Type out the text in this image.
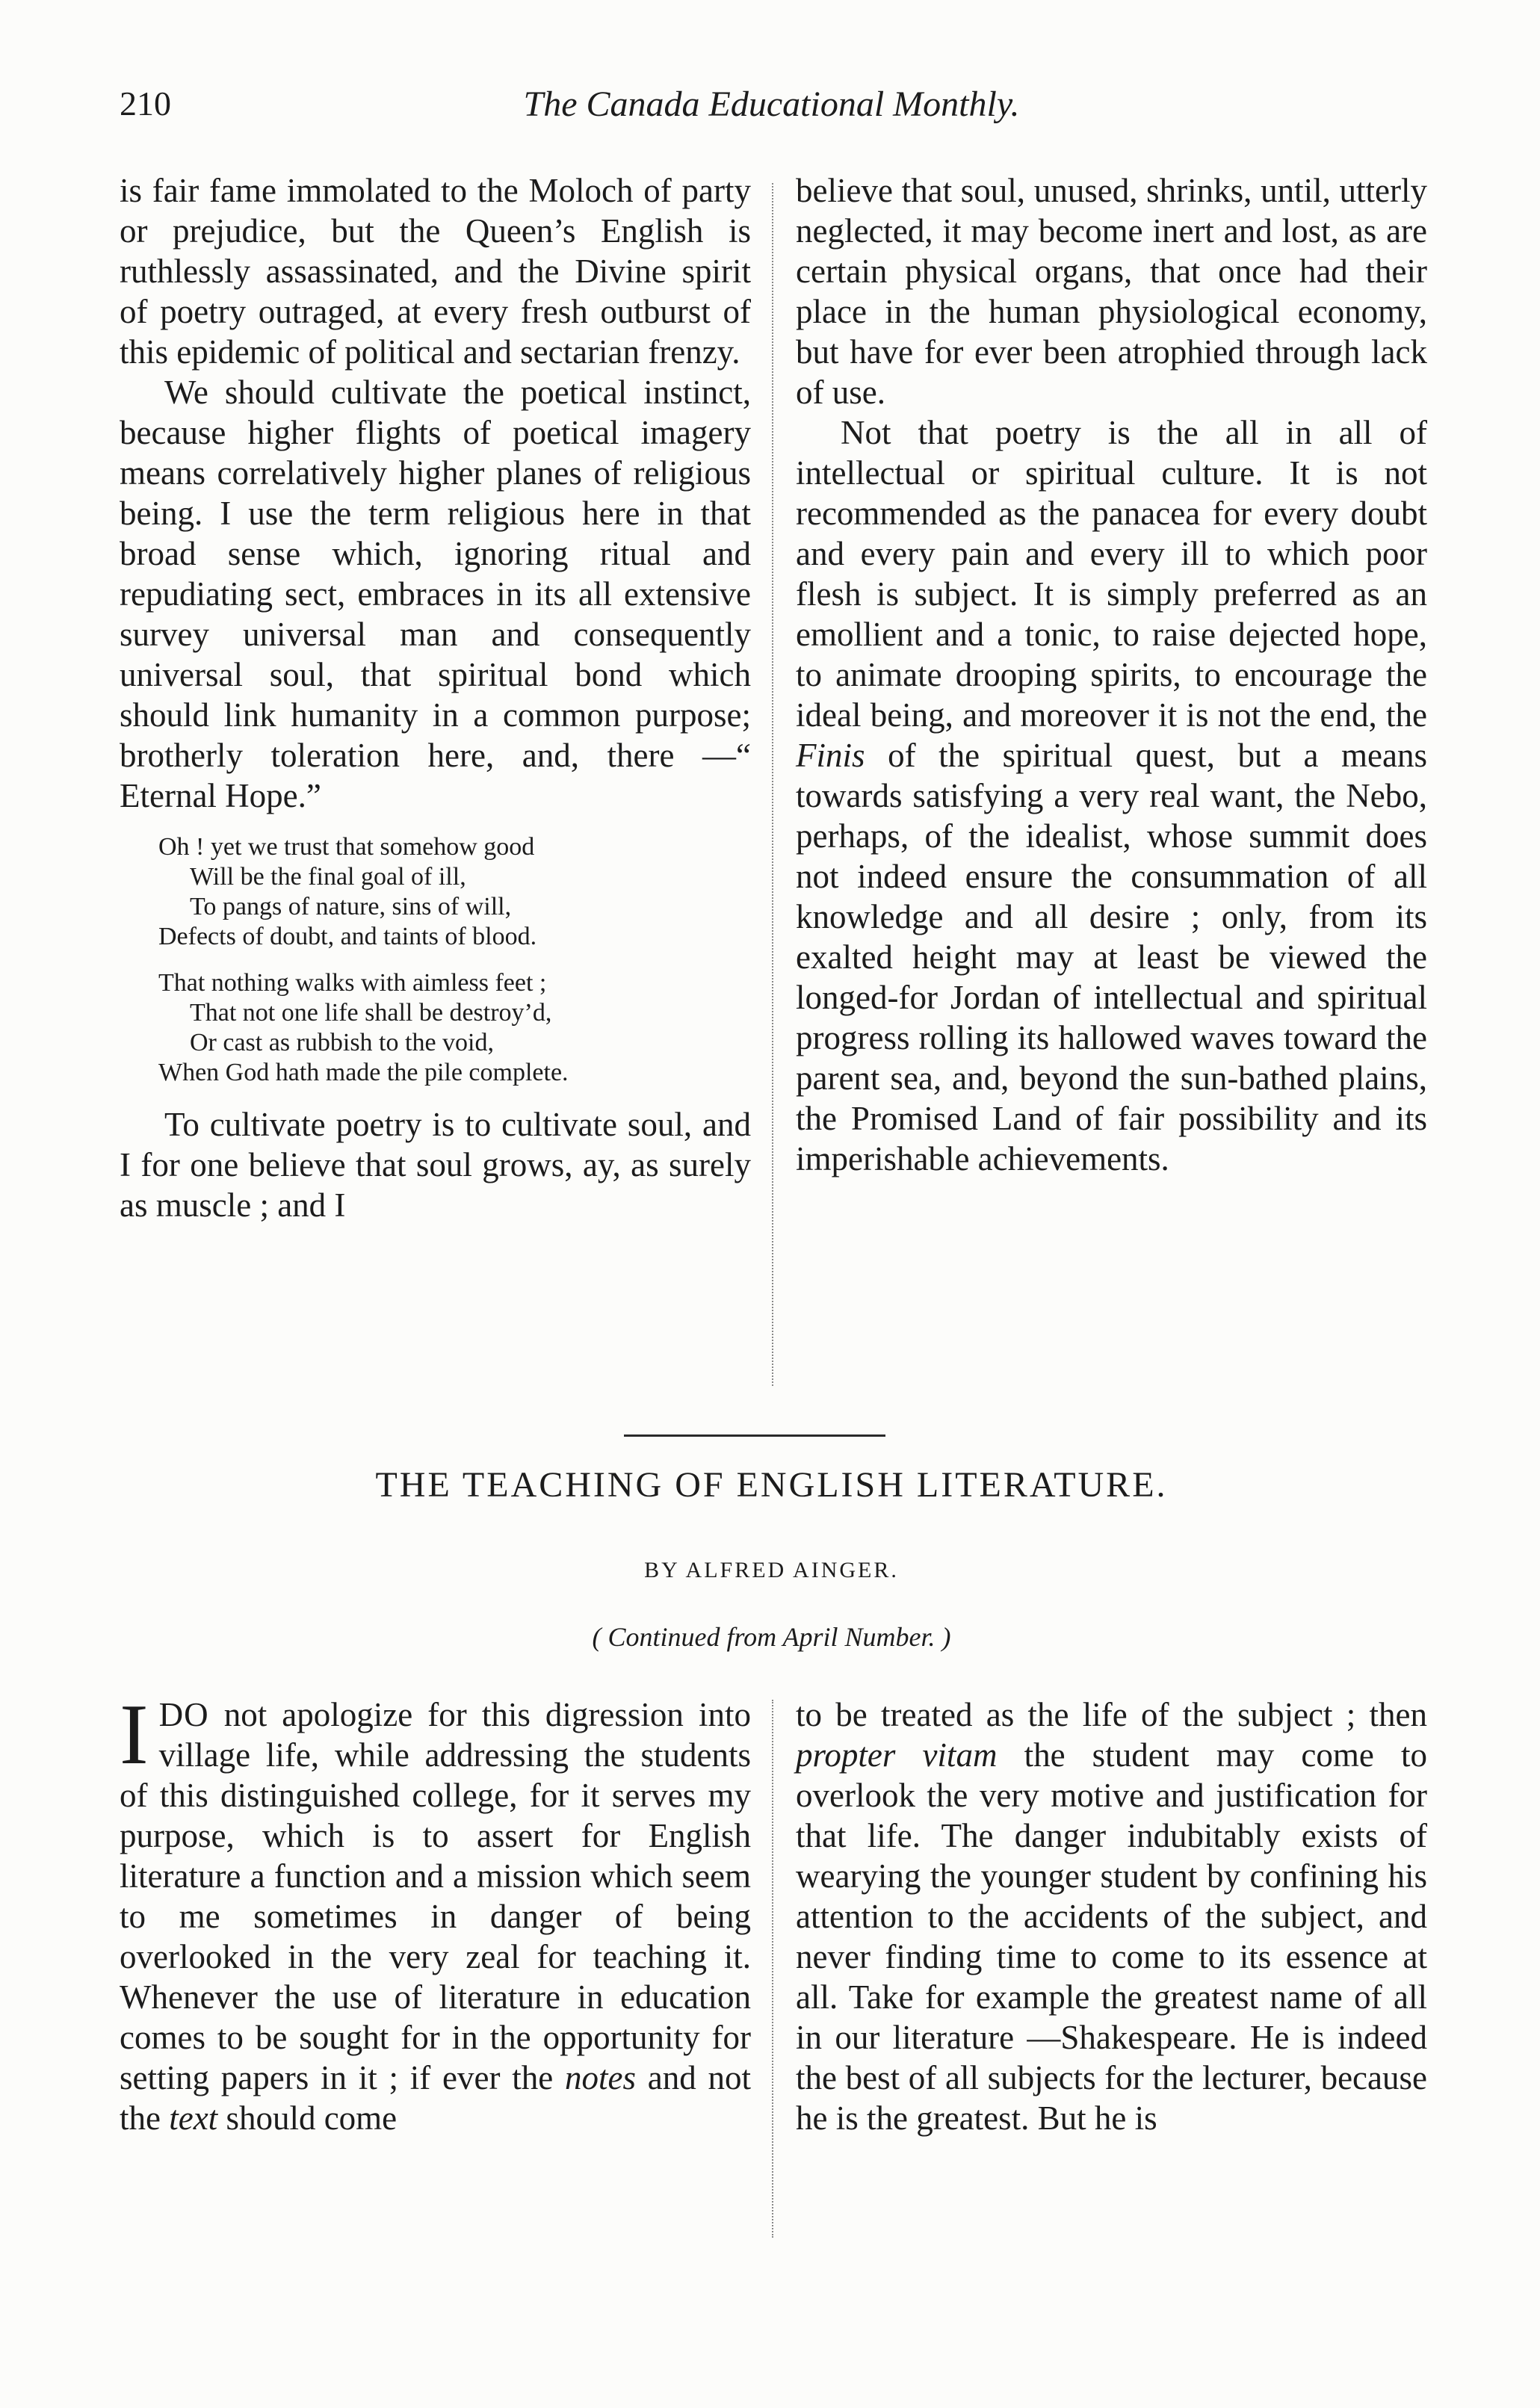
210	The Canada Educational Monthly.

is fair fame immolated to the Moloch of party or prejudice, but the Queen’s English is ruthlessly assassinated, and the Divine spirit of poetry outraged, at every fresh outburst of this epidemic of political and sectarian frenzy.

We should cultivate the poetical instinct, because higher flights of poetical imagery means correlatively higher planes of religious being. I use the term religious here in that broad sense which, ignoring ritual and repudiating sect, embraces in its all extensive survey universal man and consequently universal soul, that spiritual bond which should link humanity in a common purpose; brotherly toleration here, and, there —“ Eternal Hope.”

Oh ! yet we trust that somehow good
Will be the final goal of ill,
To pangs of nature, sins of will,
Defects of doubt, and taints of blood.
That nothing walks with aimless feet ;
That not one life shall be destroy’d,
Or cast as rubbish to the void,
When God hath made the pile complete.

To cultivate poetry is to cultivate soul, and I for one believe that soul grows, ay, as surely as muscle ; and I

believe that soul, unused, shrinks, until, utterly neglected, it may become inert and lost, as are certain physical organs, that once had their place in the human physiological economy, but have for ever been atrophied through lack of use.

Not that poetry is the all in all of intellectual or spiritual culture. It is not recommended as the panacea for every doubt and every pain and every ill to which poor flesh is subject. It is simply preferred as an emollient and a tonic, to raise dejected hope, to animate drooping spirits, to encourage the ideal being, and moreover it is not the end, the Finis of the spiritual quest, but a means towards satisfying a very real want, the Nebo, perhaps, of the idealist, whose summit does not indeed ensure the consummation of all knowledge and all desire ; only, from its exalted height may at least be viewed the longed-for Jordan of intellectual and spiritual progress rolling its hallowed waves toward the parent sea, and, beyond the sun-bathed plains, the Promised Land of fair possibility and its imperishable achievements.

THE TEACHING OF ENGLISH LITERATURE.
BY ALFRED AINGER.
( Continued from April Number. )

IDO not apologize for this digression into village life, while addressing the students of this distinguished college, for it serves my purpose, which is to assert for English literature a function and a mission which seem to me sometimes in danger of being overlooked in the very zeal for teaching it. Whenever the use of literature in education comes to be sought for in the opportunity for setting papers in it ; if ever the notes and not the text should come

to be treated as the life of the subject ; then propter vitam the student may come to overlook the very motive and justification for that life. The danger indubitably exists of wearying the younger student by confining his attention to the accidents of the subject, and never finding time to come to its essence at all. Take for example the greatest name of all in our literature —Shakespeare. He is indeed the best of all subjects for the lecturer, because he is the greatest. But he is
